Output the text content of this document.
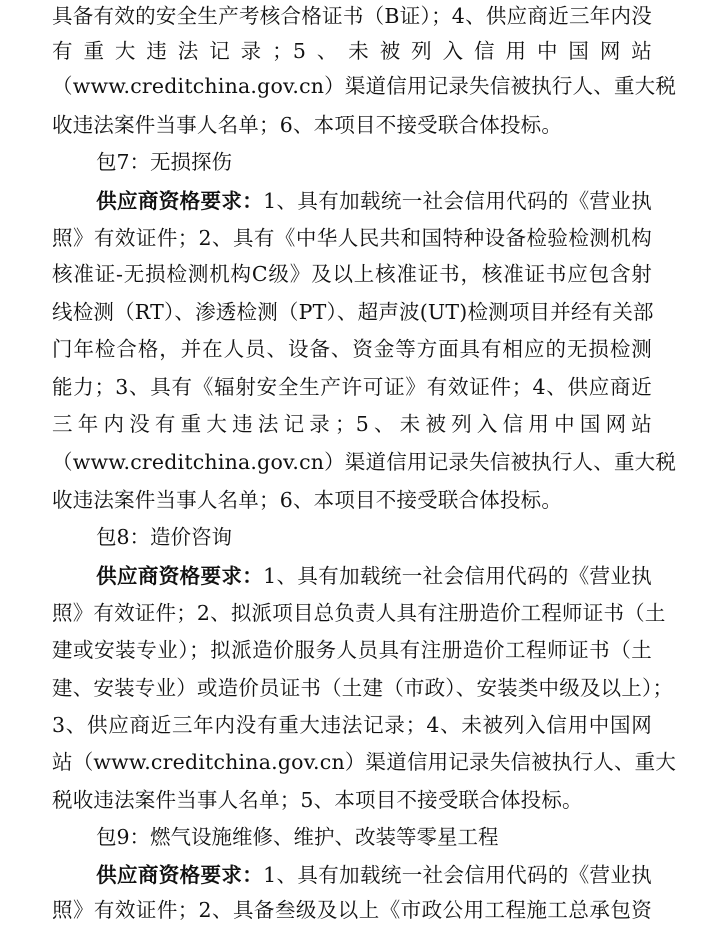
具备有效的安全生产考核合格证书（B证）；4、供应商近三年内没
有重大违法记录；5、未被列入信用中国网站
（www.creditchina.gov.cn）渠道信用记录失信被执行人、重大税
收违法案件当事人名单；6、本项目不接受联合体投标。
包7：无损探伤
供应商资格要求：1、具有加载统一社会信用代码的《营业执
照》有效证件；2、具有《中华人民共和国特种设备检验检测机构
核准证-无损检测机构C级》及以上核准证书，核准证书应包含射
线检测（RT）、渗透检测（PT）、超声波(UT)检测项目并经有关部
门年检合格，并在人员、设备、资金等方面具有相应的无损检测
能力；3、具有《辐射安全生产许可证》有效证件；4、供应商近
三年内没有重大违法记录；5、未被列入信用中国网站
（www.creditchina.gov.cn）渠道信用记录失信被执行人、重大税
收违法案件当事人名单；6、本项目不接受联合体投标。
包8：造价咨询
供应商资格要求：1、具有加载统一社会信用代码的《营业执
照》有效证件；2、拟派项目总负责人具有注册造价工程师证书（土
建或安装专业）；拟派造价服务人员具有注册造价工程师证书（土
建、安装专业）或造价员证书（土建（市政）、安装类中级及以上）；
3、供应商近三年内没有重大违法记录；4、未被列入信用中国网
站（www.creditchina.gov.cn）渠道信用记录失信被执行人、重大
税收违法案件当事人名单；5、本项目不接受联合体投标。
包9：燃气设施维修、维护、改装等零星工程
供应商资格要求：1、具有加载统一社会信用代码的《营业执
照》有效证件；2、具备叁级及以上《市政公用工程施工总承包资
